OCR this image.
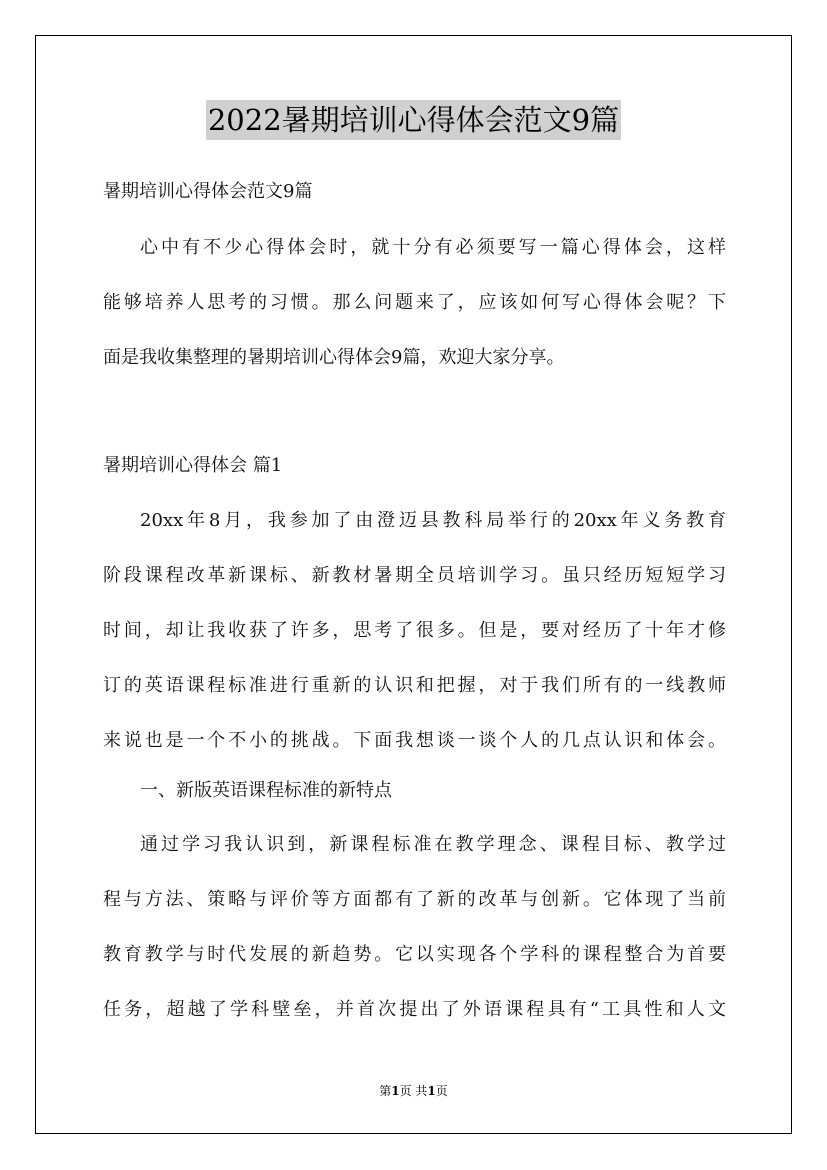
2022暑期培训心得体会范文9篇
暑期培训心得体会范文9篇
心中有不少心得体会时，就十分有必须要写一篇心得体会，这样
能够培养人思考的习惯。那么问题来了，应该如何写心得体会呢？下
面是我收集整理的暑期培训心得体会9篇，欢迎大家分享。
暑期培训心得体会 篇1
20xx年8月，我参加了由澄迈县教科局举行的20xx年义务教育
阶段课程改革新课标、新教材暑期全员培训学习。虽只经历短短学习
时间，却让我收获了许多，思考了很多。但是，要对经历了十年才修
订的英语课程标准进行重新的认识和把握，对于我们所有的一线教师
来说也是一个不小的挑战。下面我想谈一谈个人的几点认识和体会。
一、新版英语课程标准的新特点
通过学习我认识到，新课程标准在教学理念、课程目标、教学过
程与方法、策略与评价等方面都有了新的改革与创新。它体现了当前
教育教学与时代发展的新趋势。它以实现各个学科的课程整合为首要
任务，超越了学科壁垒，并首次提出了外语课程具有“工具性和人文
第1页 共1页
